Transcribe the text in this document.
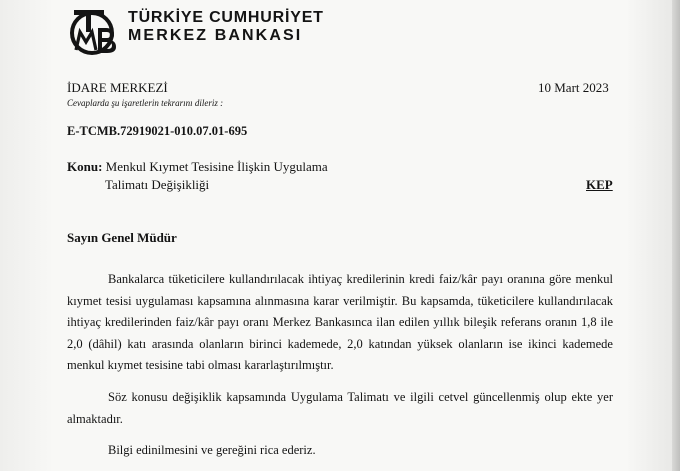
TÜRKİYE CUMHURİYET
MERKEZ BANKASI
İDARE MERKEZİ	10 Mart 2023
Cevaplarda şu işaretlerin tekrarını dileriz :
E-TCMB.72919021-010.07.01-695
Konu: Menkul Kıymet Tesisine İlişkin Uygulama
Talimatı Değişikliği	KEP
Sayın Genel Müdür
Bankalarca tüketicilere kullandırılacak ihtiyaç kredilerinin kredi faiz/kâr payı oranına göre menkul kıymet tesisi uygulaması kapsamına alınmasına karar verilmiştir. Bu kapsamda, tüketicilere kullandırılacak ihtiyaç kredilerinden faiz/kâr payı oranı Merkez Bankasınca ilan edilen yıllık bileşik referans oranın 1,8 ile 2,0 (dâhil) katı arasında olanların birinci kademede, 2,0 katından yüksek olanların ise ikinci kademede menkul kıymet tesisine tabi olması kararlaştırılmıştır.
Söz konusu değişiklik kapsamında Uygulama Talimatı ve ilgili cetvel güncellenmiş olup ekte yer almaktadır.
Bilgi edinilmesini ve gereğini rica ederiz.
